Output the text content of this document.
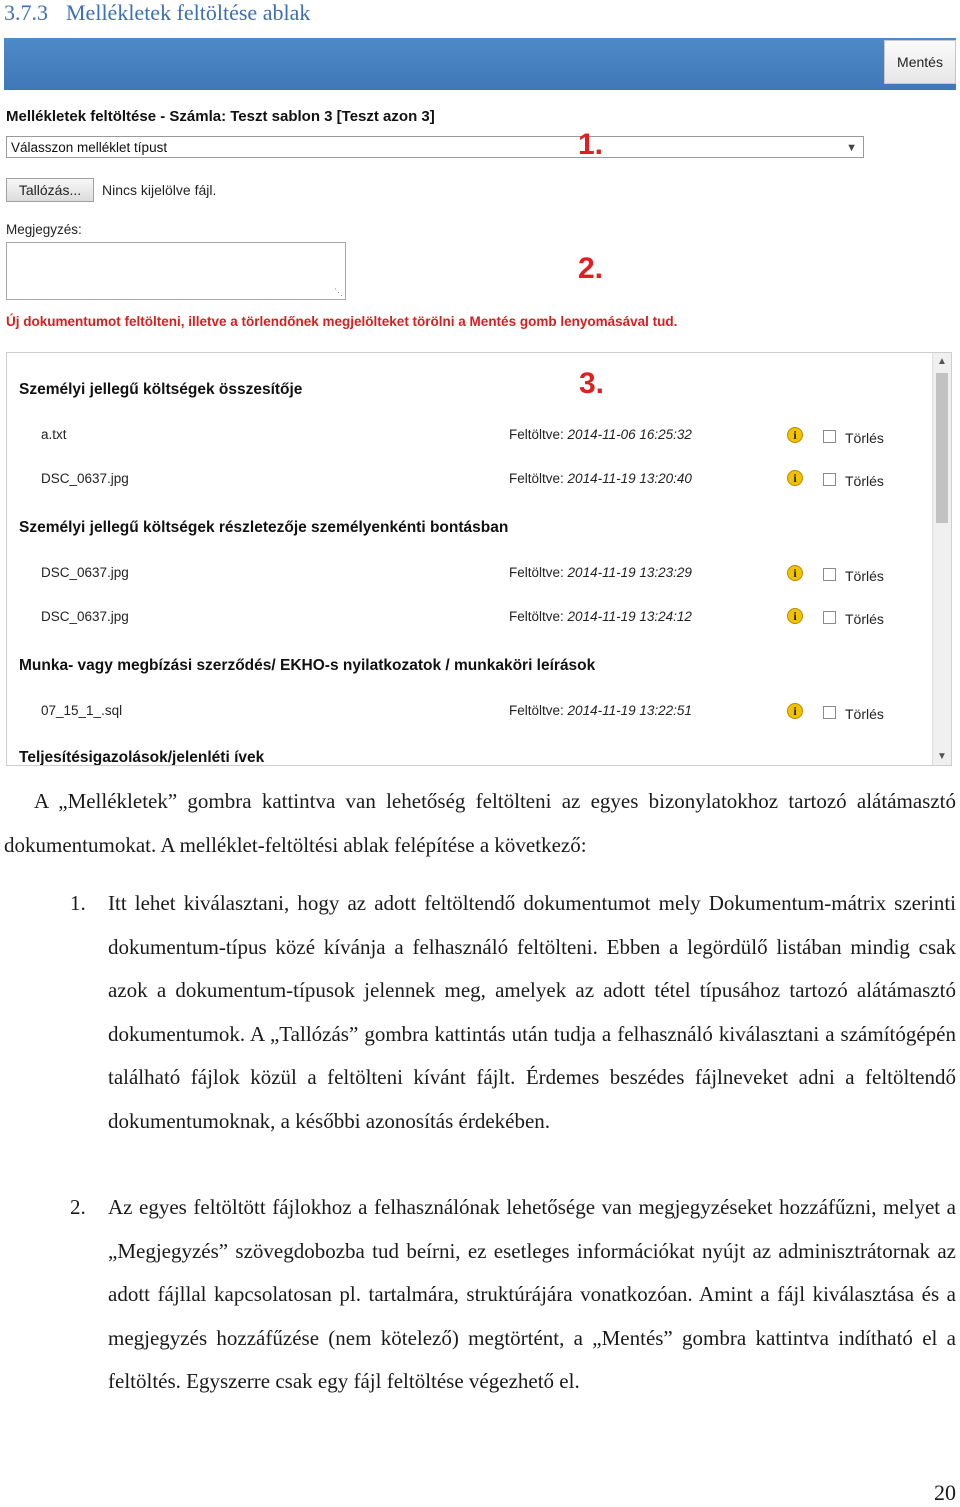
3.7.3 Mellékletek feltöltése ablak
Mentés
Mellékletek feltöltése - Számla: Teszt sablon 3 [Teszt azon 3]
Válasszon melléklet típust	▼
1.
Tallózás...	Nincs kijelölve fájl.
Megjegyzés:
⋱
2.
Új dokumentumot feltölteni, illetve a törlendőnek megjelölteket törölni a Mentés gomb lenyomásával tud.
3.
Személyi jellegű költségek összesítője
a.txt	Feltöltve: 2014-11-06 16:25:32	i	Törlés
DSC_0637.jpg	Feltöltve: 2014-11-19 13:20:40	i	Törlés
Személyi jellegű költségek részletezője személyenkénti bontásban
DSC_0637.jpg	Feltöltve: 2014-11-19 13:23:29	i	Törlés
DSC_0637.jpg	Feltöltve: 2014-11-19 13:24:12	i	Törlés
Munka- vagy megbízási szerződés/ EKHO-s nyilatkozatok / munkaköri leírások
07_15_1_.sql	Feltöltve: 2014-11-19 13:22:51	i	Törlés
Teljesítésigazolások/jelenléti ívek
▲
▼
A „Mellékletek” gombra kattintva van lehetőség feltölteni az egyes bizonylatokhoz tartozó alátámasztó dokumentumokat. A melléklet-feltöltési ablak felépítése a következő:
1. Itt lehet kiválasztani, hogy az adott feltöltendő dokumentumot mely Dokumentum-mátrix szerinti dokumentum-típus közé kívánja a felhasználó feltölteni. Ebben a legördülő listában mindig csak azok a dokumentum-típusok jelennek meg, amelyek az adott tétel típusához tartozó alátámasztó dokumentumok. A „Tallózás” gombra kattintás után tudja a felhasználó kiválasztani a számítógépén található fájlok közül a feltölteni kívánt fájlt. Érdemes beszédes fájlneveket adni a feltöltendő dokumentumoknak, a későbbi azonosítás érdekében.
2. Az egyes feltöltött fájlokhoz a felhasználónak lehetősége van megjegyzéseket hozzáfűzni, melyet a „Megjegyzés” szövegdobozba tud beírni, ez esetleges információkat nyújt az adminisztrátornak az adott fájllal kapcsolatosan pl. tartalmára, struktúrájára vonatkozóan. Amint a fájl kiválasztása és a megjegyzés hozzáfűzése (nem kötelező) megtörtént, a „Mentés” gombra kattintva indítható el a feltöltés. Egyszerre csak egy fájl feltöltése végezhető el.
20
